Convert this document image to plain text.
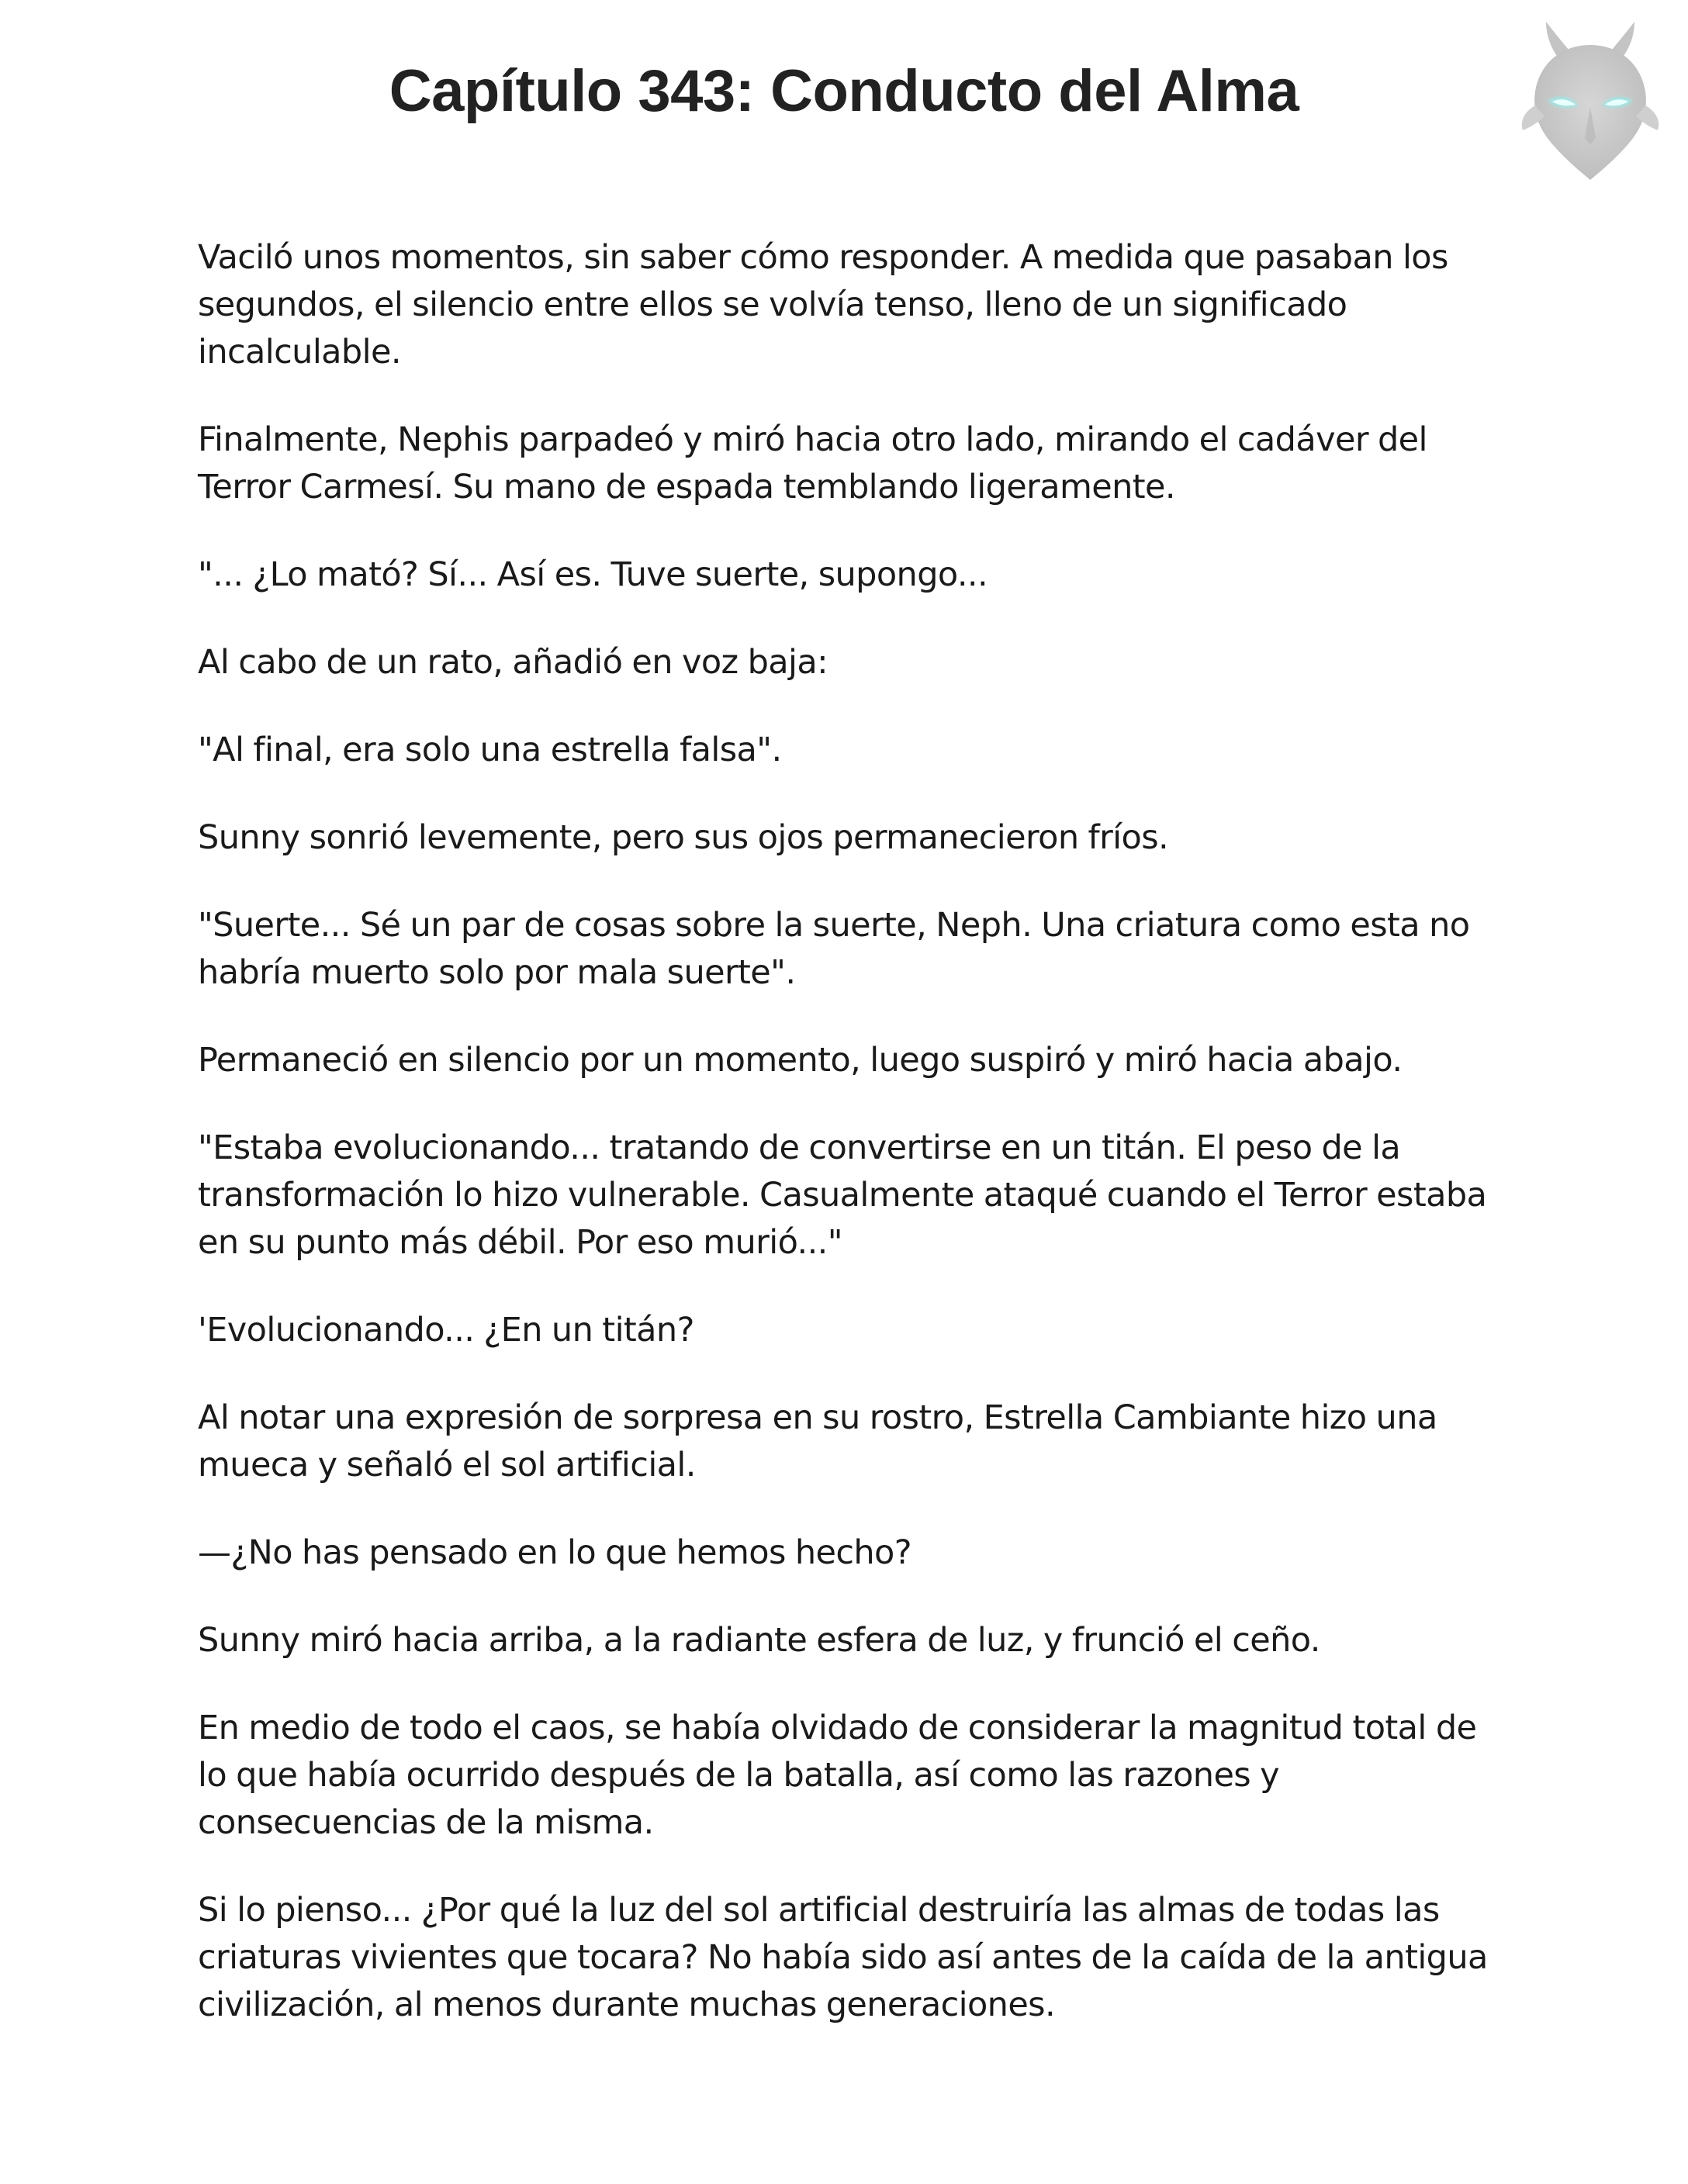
Capítulo 343: Conducto del Alma

Vaciló unos momentos, sin saber cómo responder. A medida que pasaban los segundos, el silencio entre ellos se volvía tenso, lleno de un significado incalculable.

Finalmente, Nephis parpadeó y miró hacia otro lado, mirando el cadáver del Terror Carmesí. Su mano de espada temblando ligeramente.

"... ¿Lo mató? Sí... Así es. Tuve suerte, supongo...

Al cabo de un rato, añadió en voz baja:

"Al final, era solo una estrella falsa".

Sunny sonrió levemente, pero sus ojos permanecieron fríos.

"Suerte... Sé un par de cosas sobre la suerte, Neph. Una criatura como esta no habría muerto solo por mala suerte".

Permaneció en silencio por un momento, luego suspiró y miró hacia abajo.

"Estaba evolucionando... tratando de convertirse en un titán. El peso de la transformación lo hizo vulnerable. Casualmente ataqué cuando el Terror estaba en su punto más débil. Por eso murió..."

'Evolucionando... ¿En un titán?

Al notar una expresión de sorpresa en su rostro, Estrella Cambiante hizo una mueca y señaló el sol artificial.

—¿No has pensado en lo que hemos hecho?

Sunny miró hacia arriba, a la radiante esfera de luz, y frunció el ceño.

En medio de todo el caos, se había olvidado de considerar la magnitud total de lo que había ocurrido después de la batalla, así como las razones y consecuencias de la misma.

Si lo pienso... ¿Por qué la luz del sol artificial destruiría las almas de todas las criaturas vivientes que tocara? No había sido así antes de la caída de la antigua civilización, al menos durante muchas generaciones.
